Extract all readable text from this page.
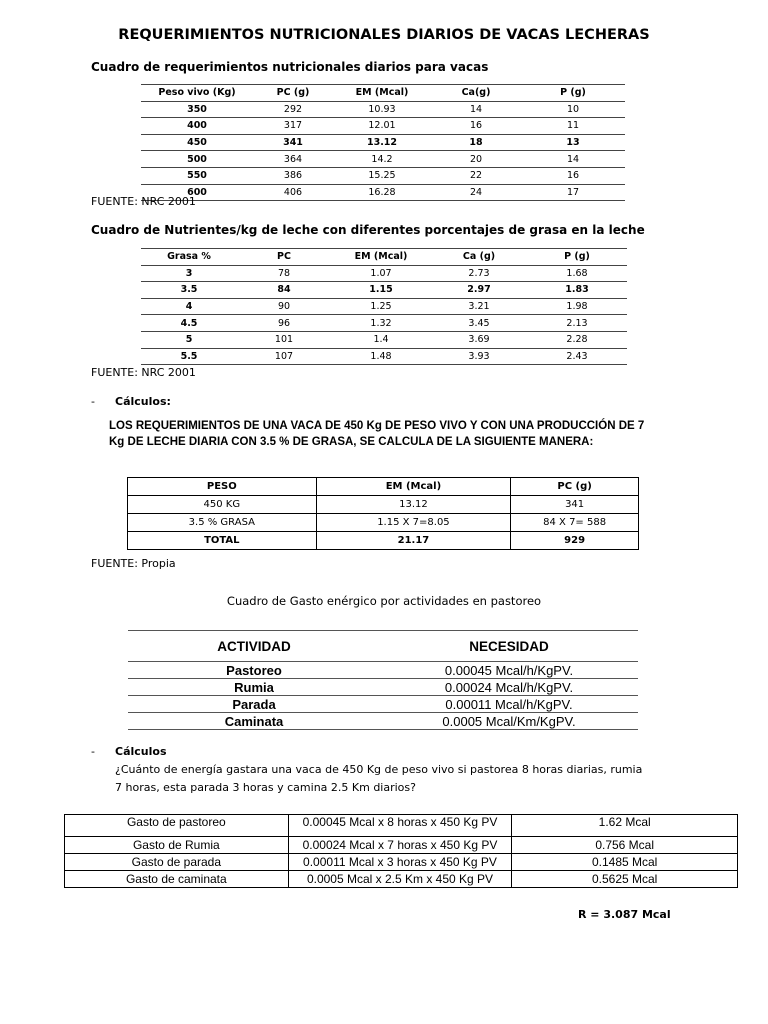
REQUERIMIENTOS NUTRICIONALES DIARIOS DE VACAS LECHERAS
Cuadro de requerimientos nutricionales diarios para vacas
Peso vivo (Kg)	PC (g)	EM (Mcal)	Ca(g)	P (g)
350	292	10.93	14	10
400	317	12.01	16	11
450	341	13.12	18	13
500	364	14.2	20	14
550	386	15.25	22	16
600	406	16.28	24	17
FUENTE: NRC 2001
Cuadro de Nutrientes/kg de leche con diferentes porcentajes de grasa en la leche
Grasa %	PC	EM (Mcal)	Ca (g)	P (g)
3	78	1.07	2.73	1.68
3.5	84	1.15	2.97	1.83
4	90	1.25	3.21	1.98
4.5	96	1.32	3.45	2.13
5	101	1.4	3.69	2.28
5.5	107	1.48	3.93	2.43
FUENTE: NRC 2001
- Cálculos:
LOS REQUERIMIENTOS DE UNA VACA DE 450 Kg DE PESO VIVO Y CON UNA PRODUCCIÓN DE 7 Kg DE LECHE DIARIA CON 3.5 % DE GRASA, SE CALCULA DE LA SIGUIENTE MANERA:
PESO	EM (Mcal)	PC (g)
450 KG	13.12	341
3.5 % GRASA	1.15 X 7=8.05	84 X 7= 588
TOTAL	21.17	929
FUENTE: Propia
Cuadro de Gasto enérgico por actividades en pastoreo
ACTIVIDAD	NECESIDAD
Pastoreo	0.00045 Mcal/h/KgPV.
Rumia	0.00024 Mcal/h/KgPV.
Parada	0.00011 Mcal/h/KgPV.
Caminata	0.0005 Mcal/Km/KgPV.
- Cálculos
¿Cuánto de energía gastara una vaca de 450 Kg de peso vivo si pastorea 8 horas diarias, rumia
7 horas, esta parada 3 horas y camina 2.5 Km diarios?
Gasto de pastoreo	0.00045 Mcal x 8 horas x 450 Kg PV	1.62 Mcal
Gasto de Rumia	0.00024 Mcal x 7 horas x 450 Kg PV	0.756 Mcal
Gasto de parada	0.00011 Mcal x 3 horas x 450 Kg PV	0.1485 Mcal
Gasto de caminata	0.0005 Mcal x 2.5 Km x 450 Kg PV	0.5625 Mcal
R = 3.087 Mcal
